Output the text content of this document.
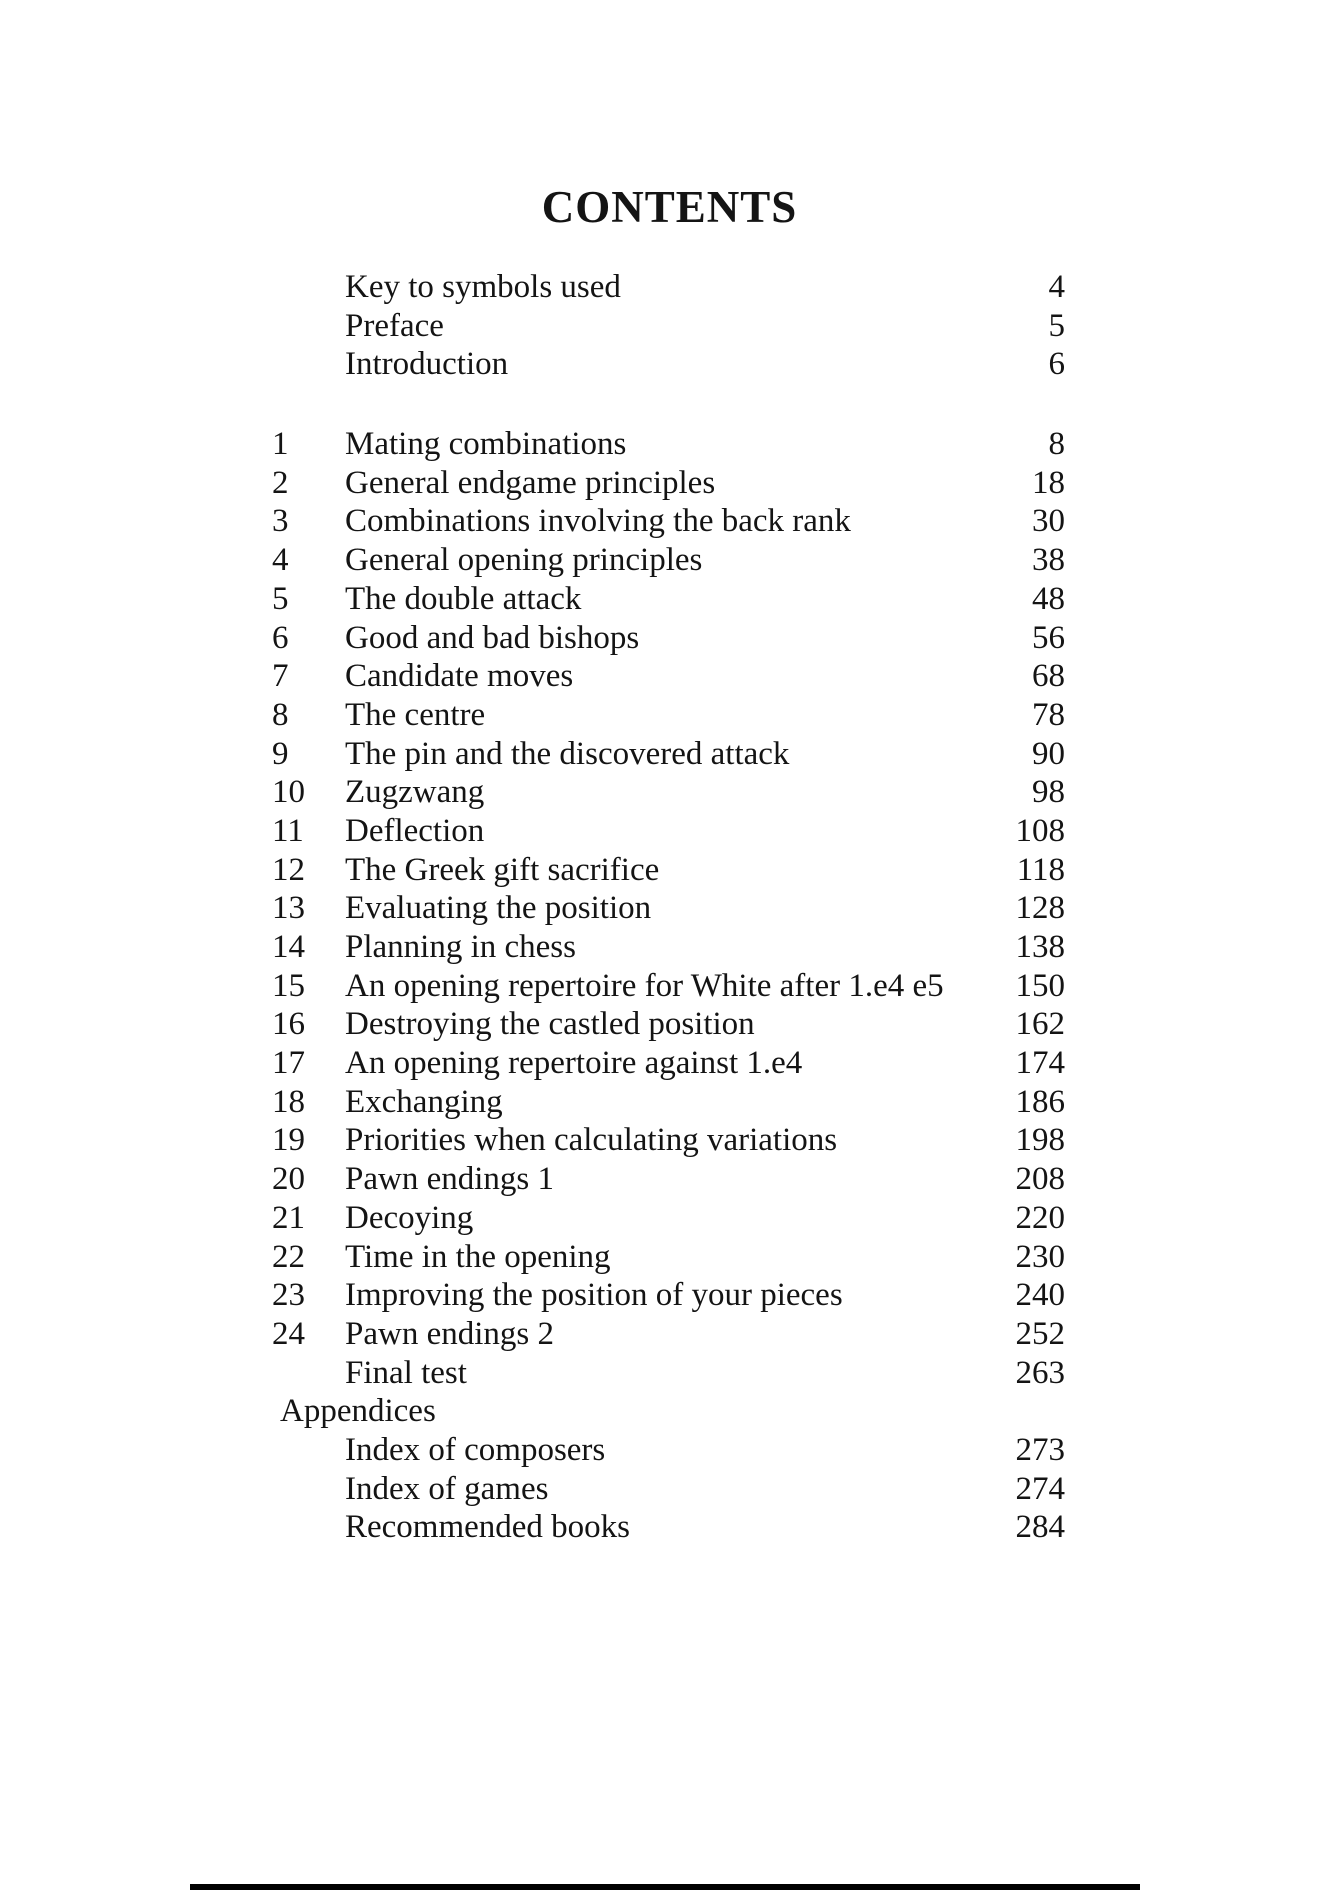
CONTENTS
Key to symbols used	4
Preface	5
Introduction	6
1	Mating combinations	8
2	General endgame principles	18
3	Combinations involving the back rank	30
4	General opening principles	38
5	The double attack	48
6	Good and bad bishops	56
7	Candidate moves	68
8	The centre	78
9	The pin and the discovered attack	90
10	Zugzwang	98
11	Deflection	108
12	The Greek gift sacrifice	118
13	Evaluating the position	128
14	Planning in chess	138
15	An opening repertoire for White after 1.e4 e5	150
16	Destroying the castled position	162
17	An opening repertoire against 1.e4	174
18	Exchanging	186
19	Priorities when calculating variations	198
20	Pawn endings 1	208
21	Decoying	220
22	Time in the opening	230
23	Improving the position of your pieces	240
24	Pawn endings 2	252
Final test	263
Appendices
Index of composers	273
Index of games	274
Recommended books	284
